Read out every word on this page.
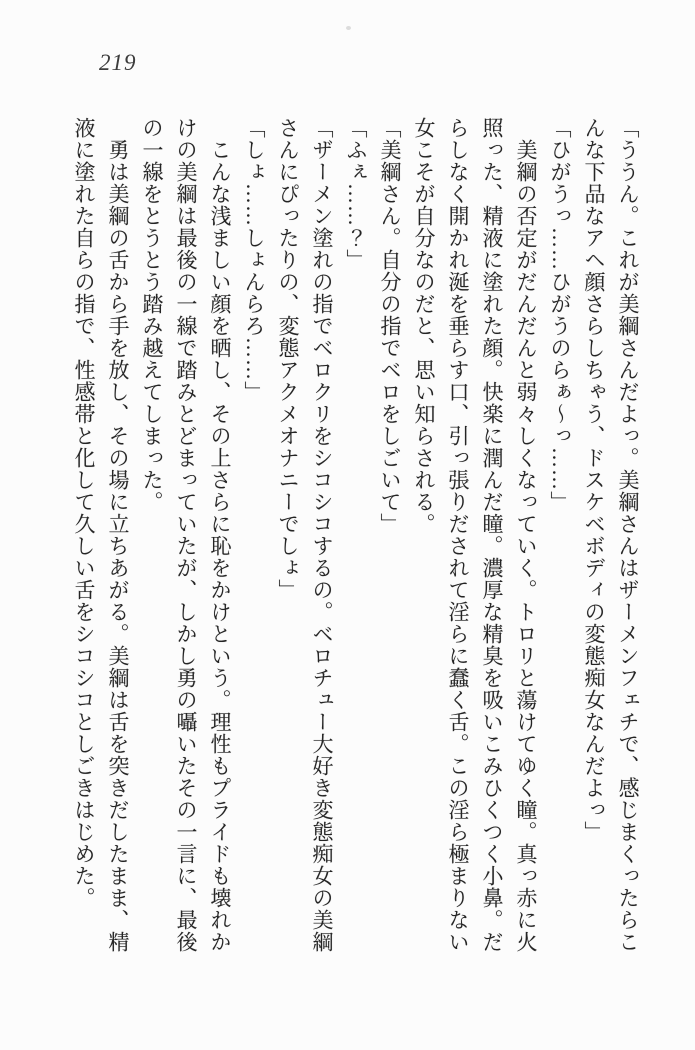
219
「ううん。これが美綱さんだよっ。美綱さんはザーメンフェチで、感じまくったらこ
んな下品なアヘ顔さらしちゃう、ドスケベボディの変態痴女なんだよっ」
「ひがうっ……ひがうのらぁ～っ……」
　美綱の否定がだんだんと弱々しくなっていく。トロリと蕩けてゆく瞳。真っ赤に火
照った、精液に塗れた顔。快楽に潤んだ瞳。濃厚な精臭を吸いこみひくつく小鼻。だ
らしなく開かれ涎を垂らす口、引っ張りだされて淫らに蠢く舌。この淫ら極まりない
女こそが自分なのだと、思い知らされる。
「美綱さん。自分の指でベロをしごいて」
「ふぇ……？」
「ザーメン塗れの指でベロクリをシコシコするの。ベロチュー大好き変態痴女の美綱
さんにぴったりの、変態アクメオナニーでしょ」
「しょ……しょんらろ……」
　こんな浅ましい顔を晒し、その上さらに恥をかけという。理性もプライドも壊れか
けの美綱は最後の一線で踏みとどまっていたが、しかし勇の囁いたその一言に、最後
の一線をとうとう踏み越えてしまった。
　勇は美綱の舌から手を放し、その場に立ちあがる。美綱は舌を突きだしたまま、精
液に塗れた自らの指で、性感帯と化して久しい舌をシコシコとしごきはじめた。
